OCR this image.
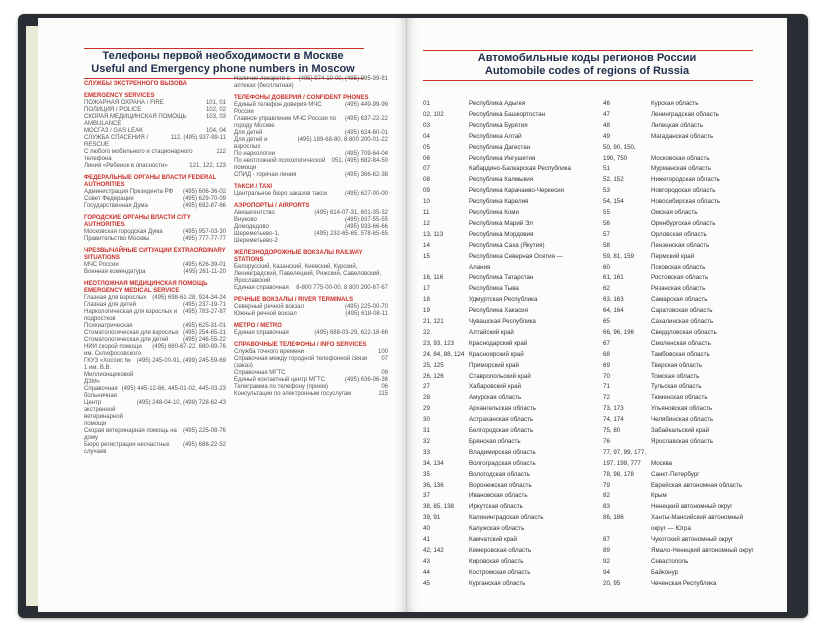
Телефоны первой необходимости в Москве
Useful and Emergency phone numbers in Moscow
СЛУЖБЫ ЭКСТРЕННОГО ВЫЗОВА
EMERGENCY SERVICES
ПОЖАРНАЯ ОХРАНА / FIRE	101, 01
ПОЛИЦИЯ / POLICE	102, 02
СКОРАЯ МЕДИЦИНСКАЯ ПОМОЩЬ AMBULANCE
103, 03
МОСГАЗ / GAS LEAK	104, 04
СЛУЖБА СПАСЕНИЯ / RESCUE
112, (495) 937-99-11
С любого мобильного и стационарного телефона
112
Линия «Ребенок в опасности»	121, 122, 123
ФЕДЕРАЛЬНЫЕ ОРГАНЫ ВЛАСТИ FEDERAL AUTHORITIES
Администрация Президента РФ	(495) 606-36-02
Совет Федерации	(495) 629-70-09
Государственная Дума	(495) 692-87-66
ГОРОДСКИЕ ОРГАНЫ ВЛАСТИ CITY AUTHORITIES
Московская городская Дума	(495) 957-03-30
Правительство Москвы	(495) 777-77-77
ЧРЕЗВЫЧАЙНЫЕ СИТУАЦИИ EXTRAORDINARY SITUATIONS
МЧС России	(495) 626-39-01
Военная комендатура	(495) 261-11-20
НЕОТЛОЖНАЯ МЕДИЦИНСКАЯ ПОМОЩЬ EMERGENCY MEDICAL SERVICE
Глазная для взрослых	(495) 698-61-28, 924-34-24
Глазная для детей	(495) 237-19-71
Наркологическая для взрослых и подростков
(495) 783-27-87
Психиатрическая	(495) 625-31-01
Стоматологическая для взрослых (495) 254-65-21
Стоматологическая для детей	(495) 246-55-22
НИИ скорой помощи им. Склифосовского
(495) 680-67-22, 680-89-76
ГКУЗ «Хоспис № 1 им. В.В. Миллионщиковой ДЗМ»
(495) 245-00-91, (499) 245-59-69
Справочная больничная
(495) 445-12-66, 445-01-02, 445-03-23
Центр экстренной ветеринарной помощи
(495) 248-04-10, (499) 728-62-43
Скорая ветеринарная помощь на дому
(495) 225-08-76
Бюро регистрации несчастных случаев
(495) 688-22-52
Наличие лекарств в аптеках (бесплатная)
(495) 974-10-00, (495) 995-99-81
ТЕЛЕФОНЫ ДОВЕРИЯ / CONFIDENT PHONES
Единый телефон доверия МЧС России
(495) 449-99-99
Главное управление МЧС России по городу Москве
(495) 637-22-22
Для детей	(495) 624-60-01
Для детей и взрослых
(495) 189-68-80, 8 800 200-01-22
По наркологии	(495) 709-64-04
По неотложной психологической помощи
051, (495) 682-84-50
СПИД - горячая линия	(495) 366-62-38
ТАКСИ / TAXI
Центральное бюро заказов такси	(495) 627-00-00
АЭРОПОРТЫ / AIRPORTS
Авиаагентство	(495) 614-07-31, 601-35-32
Внуково	(495) 937-55-55
Домодедово	(495) 933-66-66
Шереметьево-1, Шереметьево-2
(495) 232-65-65, 578-65-65
ЖЕЛЕЗНОДОРОЖНЫЕ ВОКЗАЛЫ RAILWAY STATIONS
Белорусский, Казанский, Киевский, Курский, Ленинградский, Павелецкий, Рижский, Савеловский, Ярославский
Единая справочная	8-800 775-00-00, 8 800 200-67-67
РЕЧНЫЕ ВОКЗАЛЫ / RIVER TERMINALS
Северный речной вокзал	(495) 225-00-70
Южный речной вокзал	(495) 618-08-11
МЕТРО / METRO
Единая справочная	(495) 688-03-29, 622-18-66
СПРАВОЧНЫЕ ТЕЛЕФОНЫ / INFO SERVICES
Служба точного времени	100
Справочная между городной телефонной связи (заказ)
07
Справочная МГТС	09
Единый контактный центр МГТС	(495) 636-06-36
Телеграмма по телефону (прием)	06
Консультации по электронным госуслугам	115
Автомобильные коды регионов России
Automobile codes of regions of Russia
01	Республика Адыгея	46	Курская область
02, 102	Республика Башкортостан	47	Ленинградская область
03	Республика Бурятия	48	Липецкая область
04	Республика Алтай	49	Магаданская область
05	Республика Дагестан	50, 90, 150,
06	Республика Ингушетия	190, 750	Московская область
07	Кабардино-Балкарская Республика	51	Мурманская область
08	Республика Калмыкия	52, 152	Нижегородская область
09	Республика Карачаево-Черкесия	53	Новгородская область
10	Республика Карелия	54, 154	Новосибирская область
11	Республика Коми	55	Омская область
12	Республика Марий Эл	56	Оренбургская область
13, 113	Республика Мордовия	57	Орловская область
14	Республика Саха (Якутия)	58	Пензенская область
15	Республика Северная Осетия —	59, 81, 159	Пермский край
Алания	60	Псковская область
16, 116	Республика Татарстан	61, 161	Ростовская область
17	Республика Тыва	62	Рязанская область
18	Удмуртская Республика	63, 163	Самарская область
19	Республика Хакасия	64, 164	Саратовская область
21, 121	Чувашская Республика	65	Сахалинская область
22	Алтайский край	66, 96, 196	Свердловская область
23, 93, 123 Краснодарский край	67	Смоленская область
24, 84, 88, 124 Красноярский край	68	Тамбовская область
25, 125	Приморский край	69	Тверская область
26, 126	Ставропольский край	70	Томская область
27	Хабаровский край	71	Тульская область
28	Амурская область	72	Тюменская область
29	Архангельская область	73, 173	Ульяновская область
30	Астраханская область	74, 174	Челябинская область
31	Белгородская область	75, 80	Забайкальский край
32	Брянская область	76	Ярославская область
33	Владимирская область	77, 97, 99, 177,
34, 134	Волгоградская область	197, 199, 777 Москва
35	Вологодская область	78, 98, 178	Санкт-Петербург
36, 136	Воронежская область	79	Еврейская автономная область
37	Ивановская область	82	Крым
38, 85, 138 Иркутская область	83	Ненецкий автономный округ
39, 91	Калининградская область	86, 186	Ханты-Мансийский автономный
40	Калужская область	округ — Югра
41	Камчатский край	87	Чукотский автономный округ
42, 142	Кемеровская область	89	Ямало-Ненецкий автономный округ
43	Кировская область	92	Севастополь
44	Костромская область	94	Байконур
45	Курганская область	20, 95	Чеченская Республика
